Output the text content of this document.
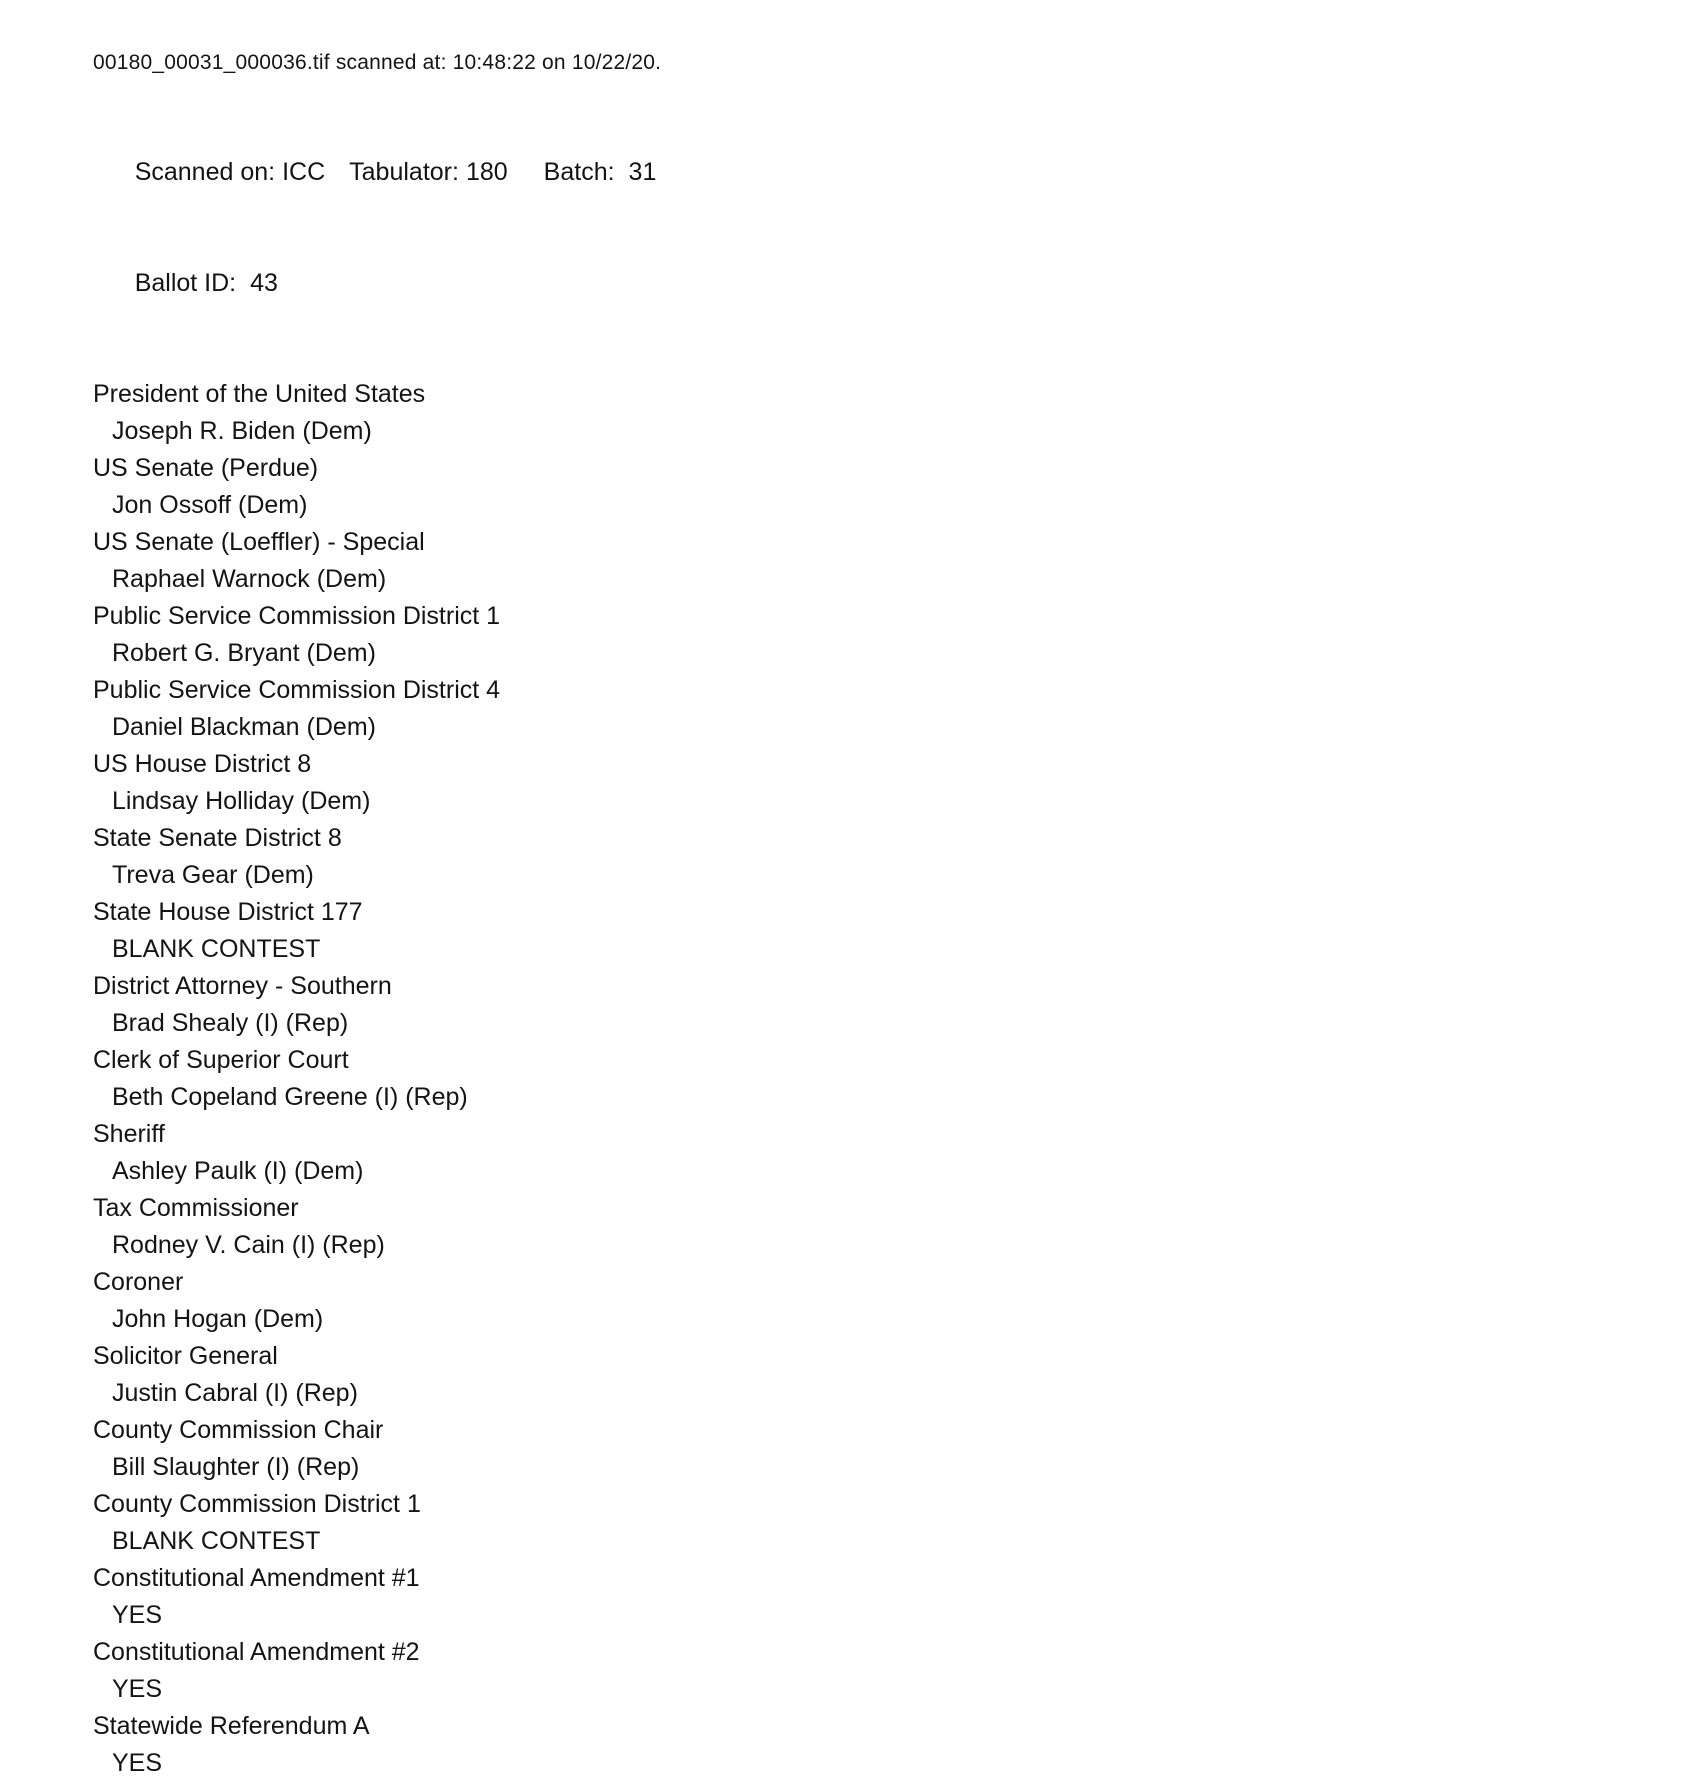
00180_00031_000036.tif scanned at: 10:48:22 on 10/22/20.

Scanned on: ICC Tabulator: 180 Batch: 31

Ballot ID: 43

President of the United States
Joseph R. Biden (Dem)
US Senate (Perdue)
Jon Ossoff (Dem)
US Senate (Loeffler) - Special
Raphael Warnock (Dem)
Public Service Commission District 1
Robert G. Bryant (Dem)
Public Service Commission District 4
Daniel Blackman (Dem)
US House District 8
Lindsay Holliday (Dem)
State Senate District 8
Treva Gear (Dem)
State House District 177
BLANK CONTEST
District Attorney - Southern
Brad Shealy (I) (Rep)
Clerk of Superior Court
Beth Copeland Greene (I) (Rep)
Sheriff
Ashley Paulk (I) (Dem)
Tax Commissioner
Rodney V. Cain (I) (Rep)
Coroner
John Hogan (Dem)
Solicitor General
Justin Cabral (I) (Rep)
County Commission Chair
Bill Slaughter (I) (Rep)
County Commission District 1
BLANK CONTEST
Constitutional Amendment #1
YES
Constitutional Amendment #2
YES
Statewide Referendum A
YES
